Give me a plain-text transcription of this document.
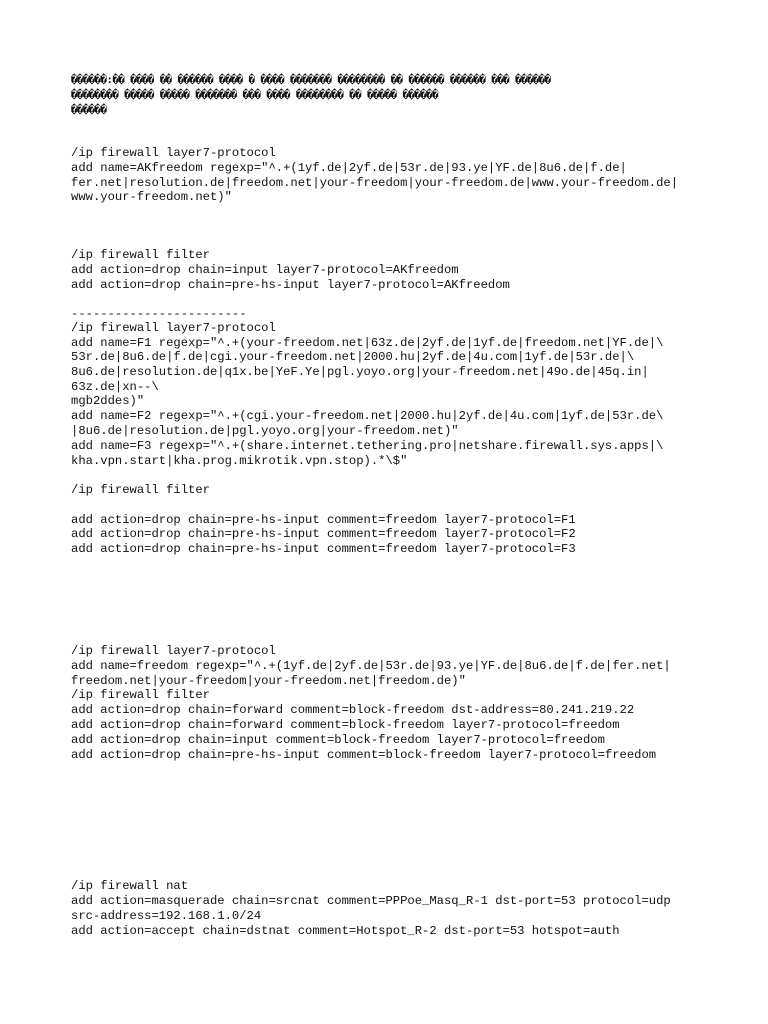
������:�� ���� �� ������ ���� � ���� ������� �������� �� ������ ������ ��� ������
�������� ����� ����� ������� ��� ���� �������� �� ����� ������
������
/ip firewall layer7-protocol
add name=AKfreedom regexp="^.+(1yf.de|2yf.de|53r.de|93.ye|YF.de|8u6.de|f.de|
fer.net|resolution.de|freedom.net|your-freedom|your-freedom.de|www.your-freedom.de|
www.your-freedom.net)"
/ip firewall filter
add action=drop chain=input layer7-protocol=AKfreedom
add action=drop chain=pre-hs-input layer7-protocol=AKfreedom
------------------------
/ip firewall layer7-protocol
add name=F1 regexp="^.+(your-freedom.net|63z.de|2yf.de|1yf.de|freedom.net|YF.de|\
53r.de|8u6.de|f.de|cgi.your-freedom.net|2000.hu|2yf.de|4u.com|1yf.de|53r.de|\
8u6.de|resolution.de|q1x.be|YeF.Ye|pgl.yoyo.org|your-freedom.net|49o.de|45q.in|
63z.de|xn--\
mgb2ddes)"
add name=F2 regexp="^.+(cgi.your-freedom.net|2000.hu|2yf.de|4u.com|1yf.de|53r.de\
|8u6.de|resolution.de|pgl.yoyo.org|your-freedom.net)"
add name=F3 regexp="^.+(share.internet.tethering.pro|netshare.firewall.sys.apps|\
kha.vpn.start|kha.prog.mikrotik.vpn.stop).*\$"
/ip firewall filter
add action=drop chain=pre-hs-input comment=freedom layer7-protocol=F1
add action=drop chain=pre-hs-input comment=freedom layer7-protocol=F2
add action=drop chain=pre-hs-input comment=freedom layer7-protocol=F3
/ip firewall layer7-protocol
add name=freedom regexp="^.+(1yf.de|2yf.de|53r.de|93.ye|YF.de|8u6.de|f.de|fer.net|
freedom.net|your-freedom|your-freedom.net|freedom.de)"
/ip firewall filter
add action=drop chain=forward comment=block-freedom dst-address=80.241.219.22
add action=drop chain=forward comment=block-freedom layer7-protocol=freedom
add action=drop chain=input comment=block-freedom layer7-protocol=freedom
add action=drop chain=pre-hs-input comment=block-freedom layer7-protocol=freedom
/ip firewall nat
add action=masquerade chain=srcnat comment=PPPoe_Masq_R-1 dst-port=53 protocol=udp
src-address=192.168.1.0/24
add action=accept chain=dstnat comment=Hotspot_R-2 dst-port=53 hotspot=auth
